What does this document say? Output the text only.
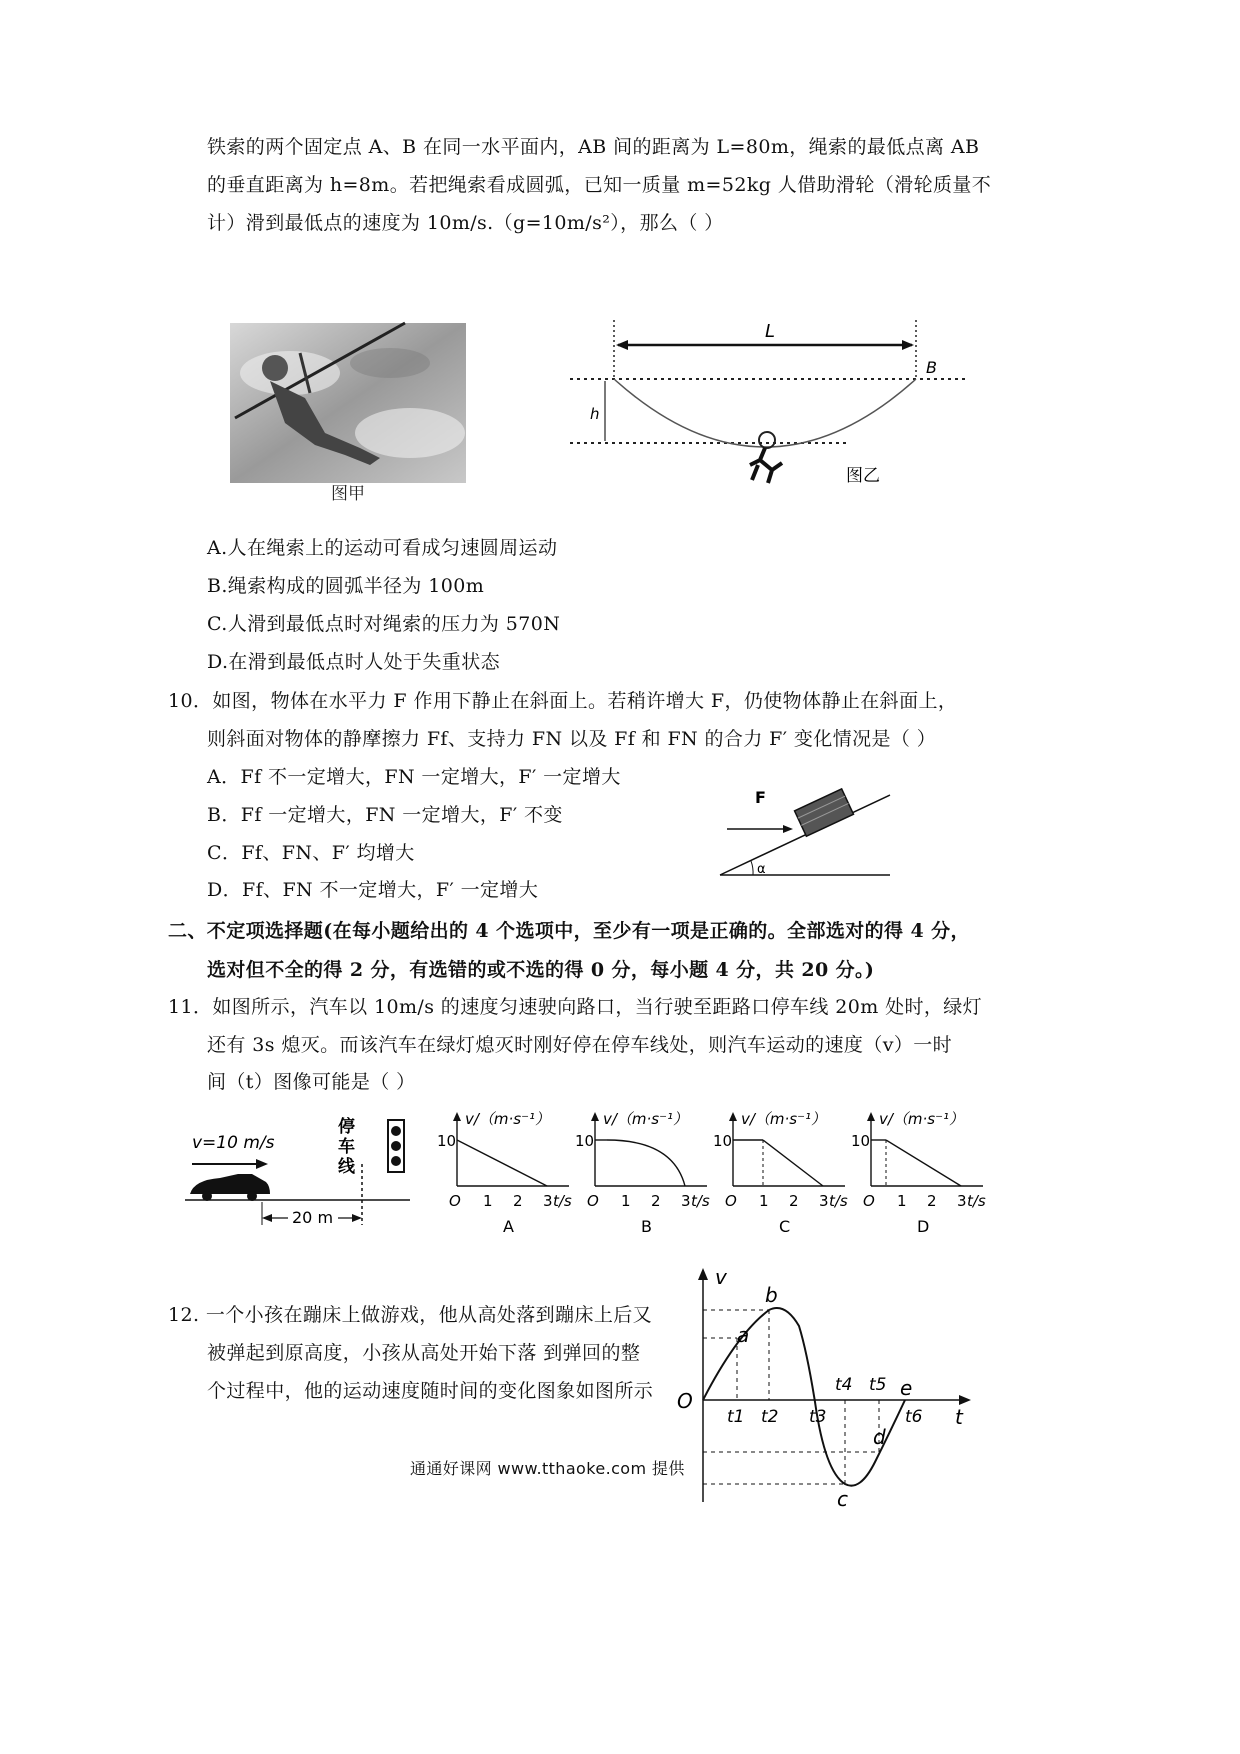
铁索的两个固定点 A、B 在同一水平面内，AB 间的距离为 L=80m，绳索的最低点离 AB
的垂直距离为 h=8m。若把绳索看成圆弧，已知一质量 m=52kg 人借助滑轮（滑轮质量不
计）滑到最低点的速度为 10m/s.（g=10m/s²），那么（ ）
图甲
L
B
h
图乙
A.人在绳索上的运动可看成匀速圆周运动
B.绳索构成的圆弧半径为 100m
C.人滑到最低点时对绳索的压力为 570N
D.在滑到最低点时人处于失重状态
10．如图，物体在水平力 F 作用下静止在斜面上。若稍许增大 F，仍使物体静止在斜面上，
则斜面对物体的静摩擦力 Ff、支持力 FN 以及 Ff 和 FN 的合力 F′ 变化情况是（ ）
A．Ff 不一定增大，FN 一定增大，F′ 一定增大
B．Ff 一定增大，FN 一定增大，F′ 不变
C．Ff、FN、F′ 均增大
D．Ff、FN 不一定增大，F′ 一定增大
F
α
二、不定项选择题(在每小题给出的 4 个选项中，至少有一项是正确的。全部选对的得 4 分，
选对但不全的得 2 分，有选错的或不选的得 0 分，每小题 4 分，共 20 分。)
11．如图所示，汽车以 10m/s 的速度匀速驶向路口，当行驶至距路口停车线 20m 处时，绿灯
还有 3s 熄灭。而该汽车在绿灯熄灭时刚好停在停车线处，则汽车运动的速度（v）一时
间（t）图像可能是（ ）
v=10 m/s
20 m
停
车
线
v/（m·s⁻¹）
10
O 1 2 3 t/s
A
v/（m·s⁻¹）
10
O 1 2 3 t/s
B
v/（m·s⁻¹）
10
O 1 2 3 t/s
C
v/（m·s⁻¹）
10
O 1 2 3 t/s
D
12. 一个小孩在蹦床上做游戏，他从高处落到蹦床上后又
被弹起到原高度，小孩从高处开始下落 到弹回的整
个过程中，他的运动速度随时间的变化图象如图所示
v
t
O
a
b
c
d
e
t1 t2 t3
t4 t5
t6
通通好课网 www.tthaoke.com 提供
